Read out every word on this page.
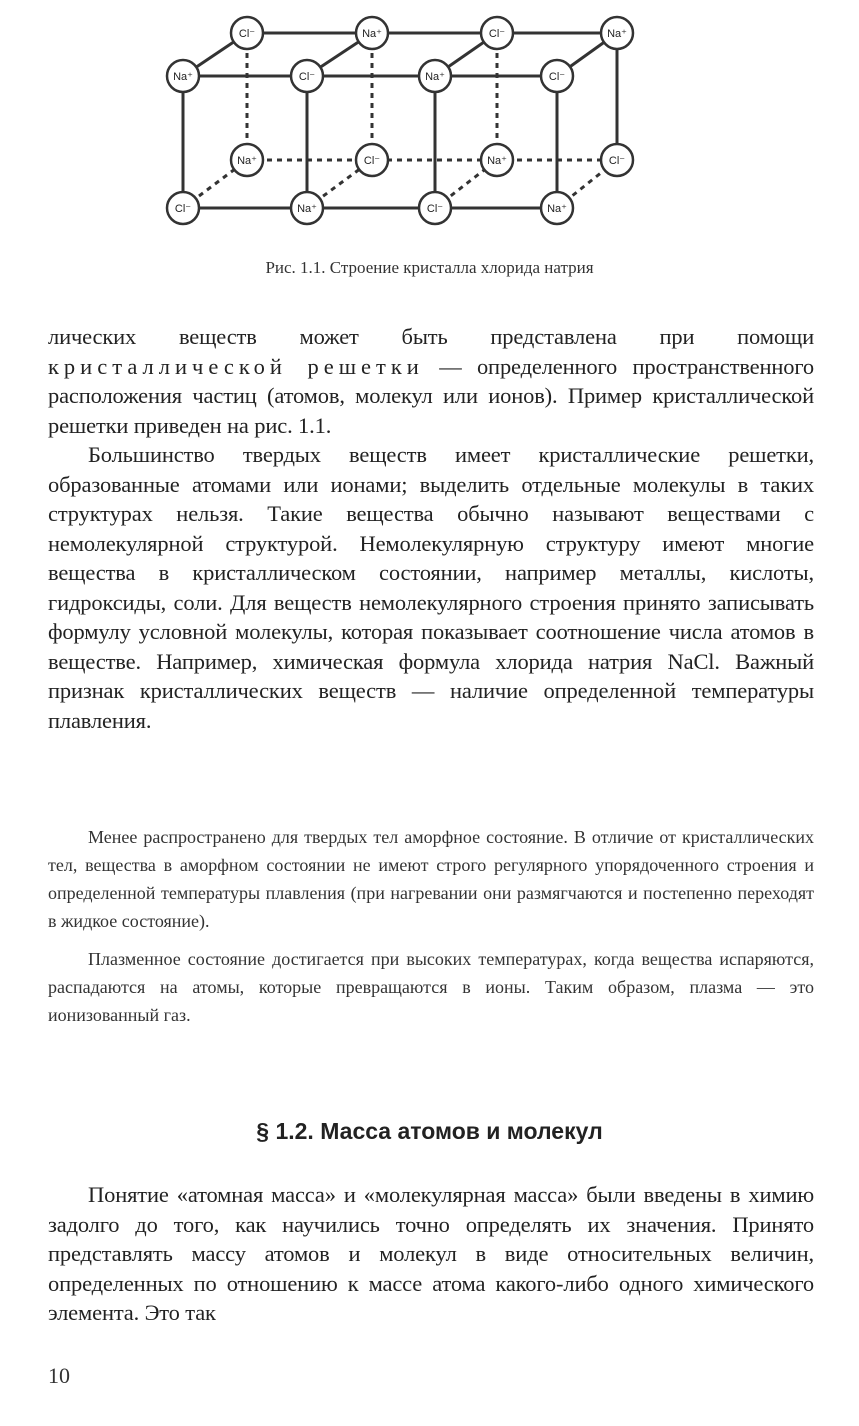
Cl⁻	Na⁺	Cl⁻	Na⁺
Na⁺	Cl⁻	Na⁺	Cl⁻
Na⁺	Cl⁻	Na⁺	Cl⁻
Cl⁻	Na⁺	Cl⁻	Na⁺
Рис. 1.1. Строение кристалла хлорида натрия

лических веществ может быть представлена при помощи кристаллической решетки — определенного пространственного расположения частиц (атомов, молекул или ионов). Пример кристаллической решетки приведен на рис. 1.1.

Большинство твердых веществ имеет кристаллические решетки, образованные атомами или ионами; выделить отдельные молекулы в таких структурах нельзя. Такие вещества обычно называют веществами с немолекулярной структурой. Немолекулярную структуру имеют многие вещества в кристаллическом состоянии, например металлы, кислоты, гидроксиды, соли. Для веществ немолекулярного строения принято записывать формулу условной молекулы, которая показывает соотношение числа атомов в веществе. Например, химическая формула хлорида натрия NaCl. Важный признак кристаллических веществ — наличие определенной температуры плавления.

Менее распространено для твердых тел аморфное состояние. В отличие от кристаллических тел, вещества в аморфном состоянии не имеют строго регулярного упорядоченного строения и определенной температуры плавления (при нагревании они размягчаются и постепенно переходят в жидкое состояние).

Плазменное состояние достигается при высоких температурах, когда вещества испаряются, распадаются на атомы, которые превращаются в ионы. Таким образом, плазма — это ионизованный газ.

§ 1.2. Масса атомов и молекул

Понятие «атомная масса» и «молекулярная масса» были введены в химию задолго до того, как научились точно определять их значения. Принято представлять массу атомов и молекул в виде относительных величин, определенных по отношению к массе атома какого-либо одного химического элемента. Это так

10
